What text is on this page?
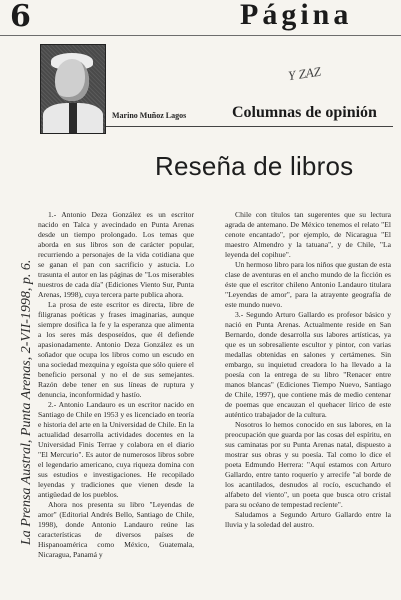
6	Página
Y ZAZ
Marino Muñoz Lagos	Columnas de opinión
Reseña de libros
La Prensa Austral, Punta Arenas, 2-VII-1998, p. 6.

1.- Antonio Deza González es un escritor nacido en Talca y avecindado en Punta Arenas desde un tiempo prolongado. Los temas que aborda en sus libros son de carácter popular, recurriendo a personajes de la vida cotidiana que se ganan el pan con sacrificio y astucia. Lo trasunta el autor en las páginas de "Los miserables nuestros de cada día" (Ediciones Viento Sur, Punta Arenas, 1998), cuya tercera parte publica ahora.

La prosa de este escritor es directa, libre de filigranas poéticas y frases imaginarias, aunque siempre dosifica la fe y la esperanza que alimenta a los seres más desposeídos, que él defiende apasionadamente. Antonio Deza González es un soñador que ocupa los libros como un escudo en una sociedad mezquina y egoísta que sólo quiere el beneficio personal y no el de sus semejantes. Razón debe tener en sus líneas de ruptura y denuncia, inconformidad y hastío.

2.- Antonio Landauro es un escritor nacido en Santiago de Chile en 1953 y es licenciado en teoría e historia del arte en la Universidad de Chile. En la actualidad desarrolla actividades docentes en la Universidad Finis Terrae y colabora en el diario "El Mercurio". Es autor de numerosos libros sobre el legendario americano, cuya riqueza domina con sus estudios e investigaciones. He recopilado leyendas y tradiciones que vienen desde la antigüedad de los pueblos.

Ahora nos presenta su libro "Leyendas de amor" (Editorial Andrés Bello, Santiago de Chile, 1998), donde Antonio Landauro reúne las características de diversos países de Hispanoamérica como México, Guatemala, Nicaragua, Panamá y

Chile con títulos tan sugerentes que su lectura agrada de antemano. De México tenemos el relato "El cenote encantado", por ejemplo, de Nicaragua "El maestro Almendro y la tatuana", y de Chile, "La leyenda del copihue".

Un hermoso libro para los niños que gustan de esta clase de aventuras en el ancho mundo de la ficción es éste que el escritor chileno Antonio Landauro titulara "Leyendas de amor", para la atrayente geografía de este mundo nuevo.

3.- Segundo Arturo Gallardo es profesor básico y nació en Punta Arenas. Actualmente reside en San Bernardo, donde desarrolla sus labores artísticas, ya que es un sobresaliente escultor y pintor, con varias medallas obtenidas en salones y certámenes. Sin embargo, su inquietud creadora lo ha llevado a la poesía con la entrega de su libro "Renacer entre manos blancas" (Ediciones Tiempo Nuevo, Santiago de Chile, 1997), que contiene más de medio centenar de poemas que encauzan el quehacer lírico de este auténtico trabajador de la cultura.

Nosotros lo hemos conocido en sus labores, en la preocupación que guarda por las cosas del espíritu, en sus caminatas por su Punta Arenas natal, dispuesto a mostrar sus obras y su poesía. Tal como lo dice el poeta Edmundo Herrera: "Aquí estamos con Arturo Gallardo, entre tanto roquerío y arrecife "al borde de los acantilados, desnudos al rocío, escuchando el alfabeto del viento", un poeta que busca otro cristal para su océano de tempestad recíente".

Saludamos a Segundo Arturo Gallardo entre la lluvia y la soledad del austro.
